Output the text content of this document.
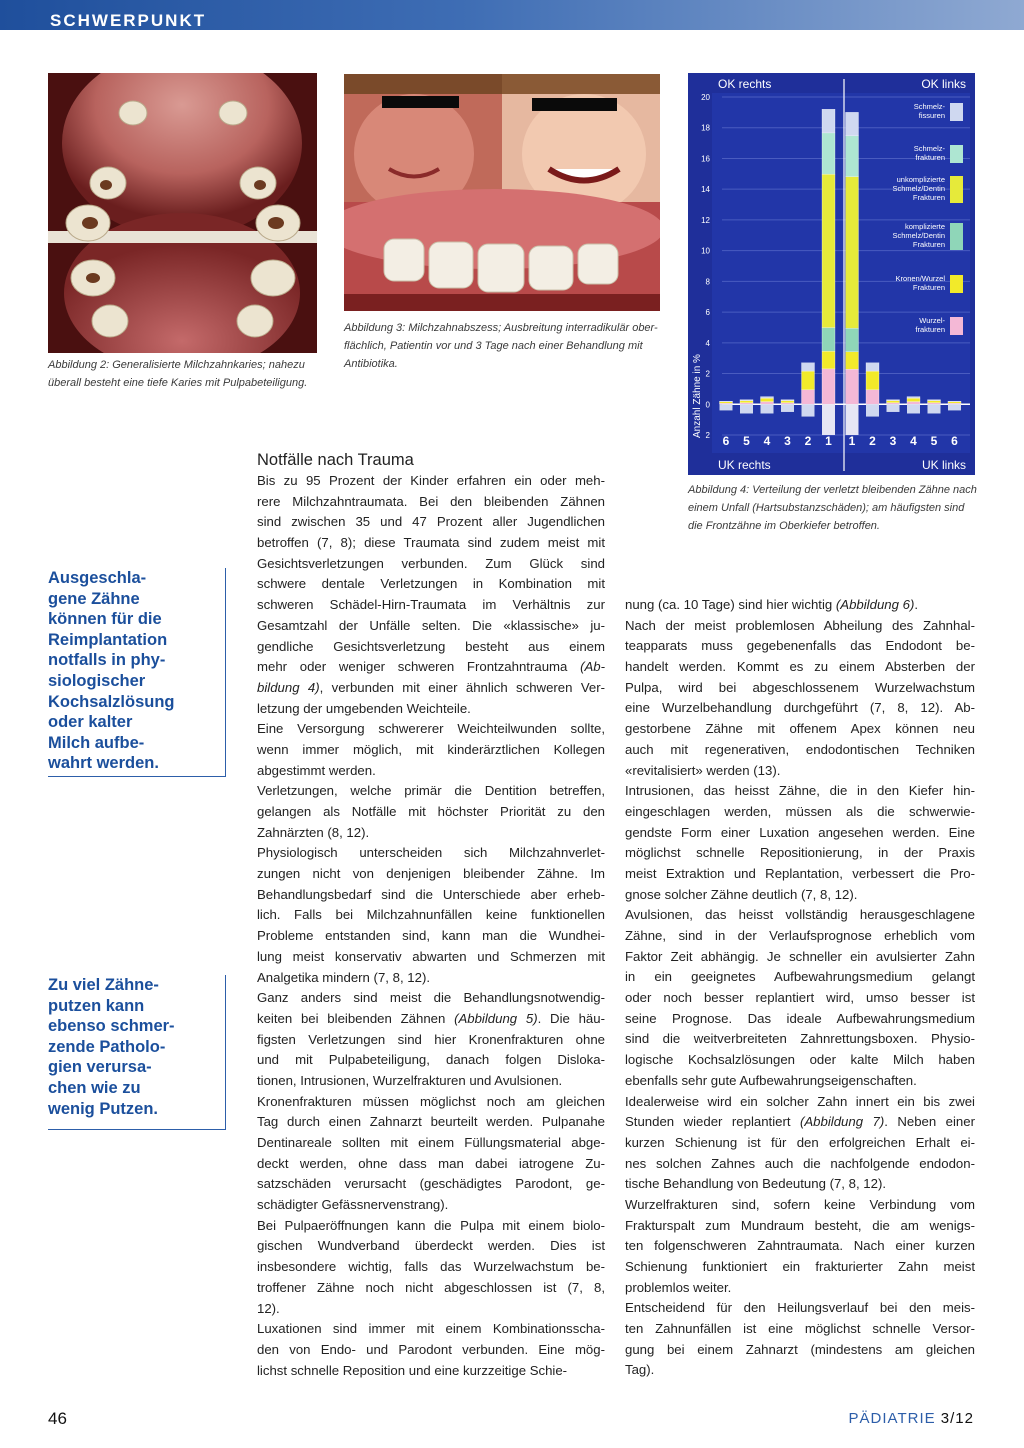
SCHWERPUNKT
Abbildung 2: Generalisierte Milchzahnkaries; nahezu
überall besteht eine tiefe Karies mit Pulpabeteiligung.
Abbildung 3: Milchzahnabszess; Ausbreitung interradikulär ober-
flächlich, Patientin vor und 3 Tage nach einer Behandlung mit
Antibiotika.
OK rechts	OK links
UK rechts	UK links
Anzahl Zähne in %
20
18
16
14
12
10
8
6
4
2
0
2 6 5 4 3 2 1 1 2 3 4 5 6
Schmelz-
fissuren
Schmelz-
frakturen
unkomplizierte
Schmelz/Dentin
Frakturen
komplizierte
Schmelz/Dentin
Frakturen
Kronen/Wurzel
Frakturen
Wurzel-
frakturen
Abbildung 4: Verteilung der verletzt bleibenden Zähne nach
einem Unfall (Hartsubstanzschäden); am häufigsten sind
die Frontzähne im Oberkiefer betroffen.
Notfälle nach Trauma
Bis zu 95 Prozent der Kinder erfahren ein oder meh-
rere Milchzahntraumata. Bei den bleibenden Zähnen
sind zwischen 35 und 47 Prozent aller Jugendlichen
betroffen (7, 8); diese Traumata sind zudem meist mit
Gesichtsverletzungen verbunden. Zum Glück sind
schwere dentale Verletzungen in Kombination mit
schweren Schädel-Hirn-Traumata im Verhältnis zur
Gesamtzahl der Unfälle selten. Die «klassische» ju-
gendliche Gesichtsverletzung besteht aus einem
mehr oder weniger schweren Frontzahntrauma (Ab-
bildung 4), verbunden mit einer ähnlich schweren Ver-
letzung der umgebenden Weichteile.
Eine Versorgung schwererer Weichteilwunden sollte,
wenn immer möglich, mit kinderärztlichen Kollegen
abgestimmt werden.
Verletzungen, welche primär die Dentition betreffen,
gelangen als Notfälle mit höchster Priorität zu den
Zahnärzten (8, 12).
Physiologisch unterscheiden sich Milchzahnverlet-
zungen nicht von denjenigen bleibender Zähne. Im
Behandlungsbedarf sind die Unterschiede aber erheb-
lich. Falls bei Milchzahnunfällen keine funktionellen
Probleme entstanden sind, kann man die Wundhei-
lung meist konservativ abwarten und Schmerzen mit
Analgetika mindern (7, 8, 12).
Ganz anders sind meist die Behandlungsnotwendig-
keiten bei bleibenden Zähnen (Abbildung 5). Die häu-
figsten Verletzungen sind hier Kronenfrakturen ohne
und mit Pulpabeteiligung, danach folgen Disloka-
tionen, Intrusionen, Wurzelfrakturen und Avulsionen.
Kronenfrakturen müssen möglichst noch am gleichen
Tag durch einen Zahnarzt beurteilt werden. Pulpanahe
Dentinareale sollten mit einem Füllungsmaterial abge-
deckt werden, ohne dass man dabei iatrogene Zu-
satzschäden verursacht (geschädigtes Parodont, ge-
schädigter Gefässnervenstrang).
Bei Pulpaeröffnungen kann die Pulpa mit einem biolo-
gischen Wundverband überdeckt werden. Dies ist
insbesondere wichtig, falls das Wurzelwachstum be-
troffener Zähne noch nicht abgeschlossen ist (7, 8,
12).
Luxationen sind immer mit einem Kombinationsscha-
den von Endo- und Parodont verbunden. Eine mög-
lichst schnelle Reposition und eine kurzzeitige Schie-
nung (ca. 10 Tage) sind hier wichtig (Abbildung 6).
Nach der meist problemlosen Abheilung des Zahnhal-
teapparats muss gegebenenfalls das Endodont be-
handelt werden. Kommt es zu einem Absterben der
Pulpa, wird bei abgeschlossenem Wurzelwachstum
eine Wurzelbehandlung durchgeführt (7, 8, 12). Ab-
gestorbene Zähne mit offenem Apex können neu
auch mit regenerativen, endodontischen Techniken
«revitalisiert» werden (13).
Intrusionen, das heisst Zähne, die in den Kiefer hin-
eingeschlagen werden, müssen als die schwerwie-
gendste Form einer Luxation angesehen werden. Eine
möglichst schnelle Repositionierung, in der Praxis
meist Extraktion und Replantation, verbessert die Pro-
gnose solcher Zähne deutlich (7, 8, 12).
Avulsionen, das heisst vollständig herausgeschlagene
Zähne, sind in der Verlaufsprognose erheblich vom
Faktor Zeit abhängig. Je schneller ein avulsierter Zahn
in ein geeignetes Aufbewahrungsmedium gelangt
oder noch besser replantiert wird, umso besser ist
seine Prognose. Das ideale Aufbewahrungsmedium
sind die weitverbreiteten Zahnrettungsboxen. Physio-
logische Kochsalzlösungen oder kalte Milch haben
ebenfalls sehr gute Aufbewahrungseigenschaften.
Idealerweise wird ein solcher Zahn innert ein bis zwei
Stunden wieder replantiert (Abbildung 7). Neben einer
kurzen Schienung ist für den erfolgreichen Erhalt ei-
nes solchen Zahnes auch die nachfolgende endodon-
tische Behandlung von Bedeutung (7, 8, 12).
Wurzelfrakturen sind, sofern keine Verbindung vom
Frakturspalt zum Mundraum besteht, die am wenigs-
ten folgenschweren Zahntraumata. Nach einer kurzen
Schienung funktioniert ein frakturierter Zahn meist
problemlos weiter.
Entscheidend für den Heilungsverlauf bei den meis-
ten Zahnunfällen ist eine möglichst schnelle Versor-
gung bei einem Zahnarzt (mindestens am gleichen
Tag).
Ausgeschla-
gene Zähne
können für die
Reimplantation
notfalls in phy-
siologischer
Kochsalzlösung
oder kalter
Milch aufbe-
wahrt werden.
Zu viel Zähne-
putzen kann
ebenso schmer-
zende Patholo-
gien verursa-
chen wie zu
wenig Putzen.
46	PÄDIATRIE 3/12
